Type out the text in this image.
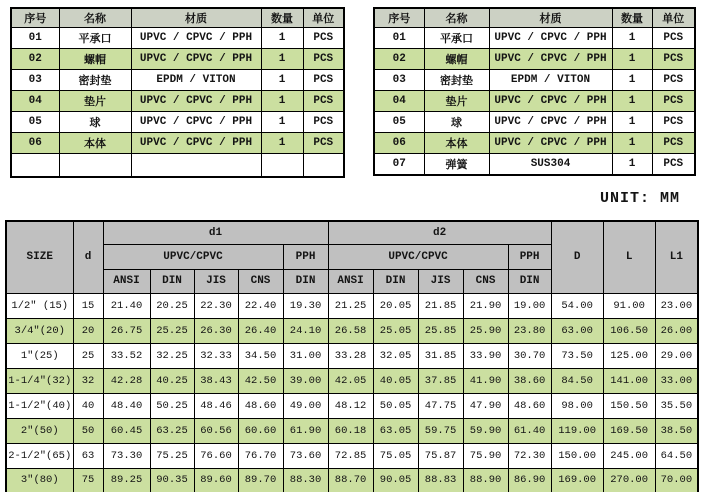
序号	名称	材质	数量	单位
01	平承口	UPVC / CPVC / PPH	1	PCS
02	螺帽	UPVC / CPVC / PPH	1	PCS
03	密封垫	EPDM / VITON	1	PCS
04	垫片	UPVC / CPVC / PPH	1	PCS
05	球	UPVC / CPVC / PPH	1	PCS
06	本体	UPVC / CPVC / PPH	1	PCS

序号	名称	材质	数量	单位
01	平承口	UPVC / CPVC / PPH	1	PCS
02	螺帽	UPVC / CPVC / PPH	1	PCS
03	密封垫	EPDM / VITON	1	PCS
04	垫片	UPVC / CPVC / PPH	1	PCS
05	球	UPVC / CPVC / PPH	1	PCS
06	本体	UPVC / CPVC / PPH	1	PCS
07	弹簧	SUS304	1	PCS
UNIT: MM
SIZE	d	d1					d2					D	L	L1
		UPVC/CPVC				PPH	UPVC/CPVC				PPH			
		ANSI	DIN	JIS	CNS	DIN	ANSI	DIN	JIS	CNS	DIN			
1/2″ (15)	15	21.40	20.25	22.30	22.40	19.30	21.25	20.05	21.85	21.90	19.00	54.00	91.00	23.00
3/4″(20)	20	26.75	25.25	26.30	26.40	24.10	26.58	25.05	25.85	25.90	23.80	63.00	106.50	26.00
1″(25)	25	33.52	32.25	32.33	34.50	31.00	33.28	32.05	31.85	33.90	30.70	73.50	125.00	29.00
1-1/4″(32)	32	42.28	40.25	38.43	42.50	39.00	42.05	40.05	37.85	41.90	38.60	84.50	141.00	33.00
1-1/2″(40)	40	48.40	50.25	48.46	48.60	49.00	48.12	50.05	47.75	47.90	48.60	98.00	150.50	35.50
2″(50)	50	60.45	63.25	60.56	60.60	61.90	60.18	63.05	59.75	59.90	61.40	119.00	169.50	38.50
2-1/2″(65)	63	73.30	75.25	76.60	76.70	73.60	72.85	75.05	75.87	75.90	72.30	150.00	245.00	64.50
3″(80)	75	89.25	90.35	89.60	89.70	88.30	88.70	90.05	88.83	88.90	86.90	169.00	270.00	70.00
